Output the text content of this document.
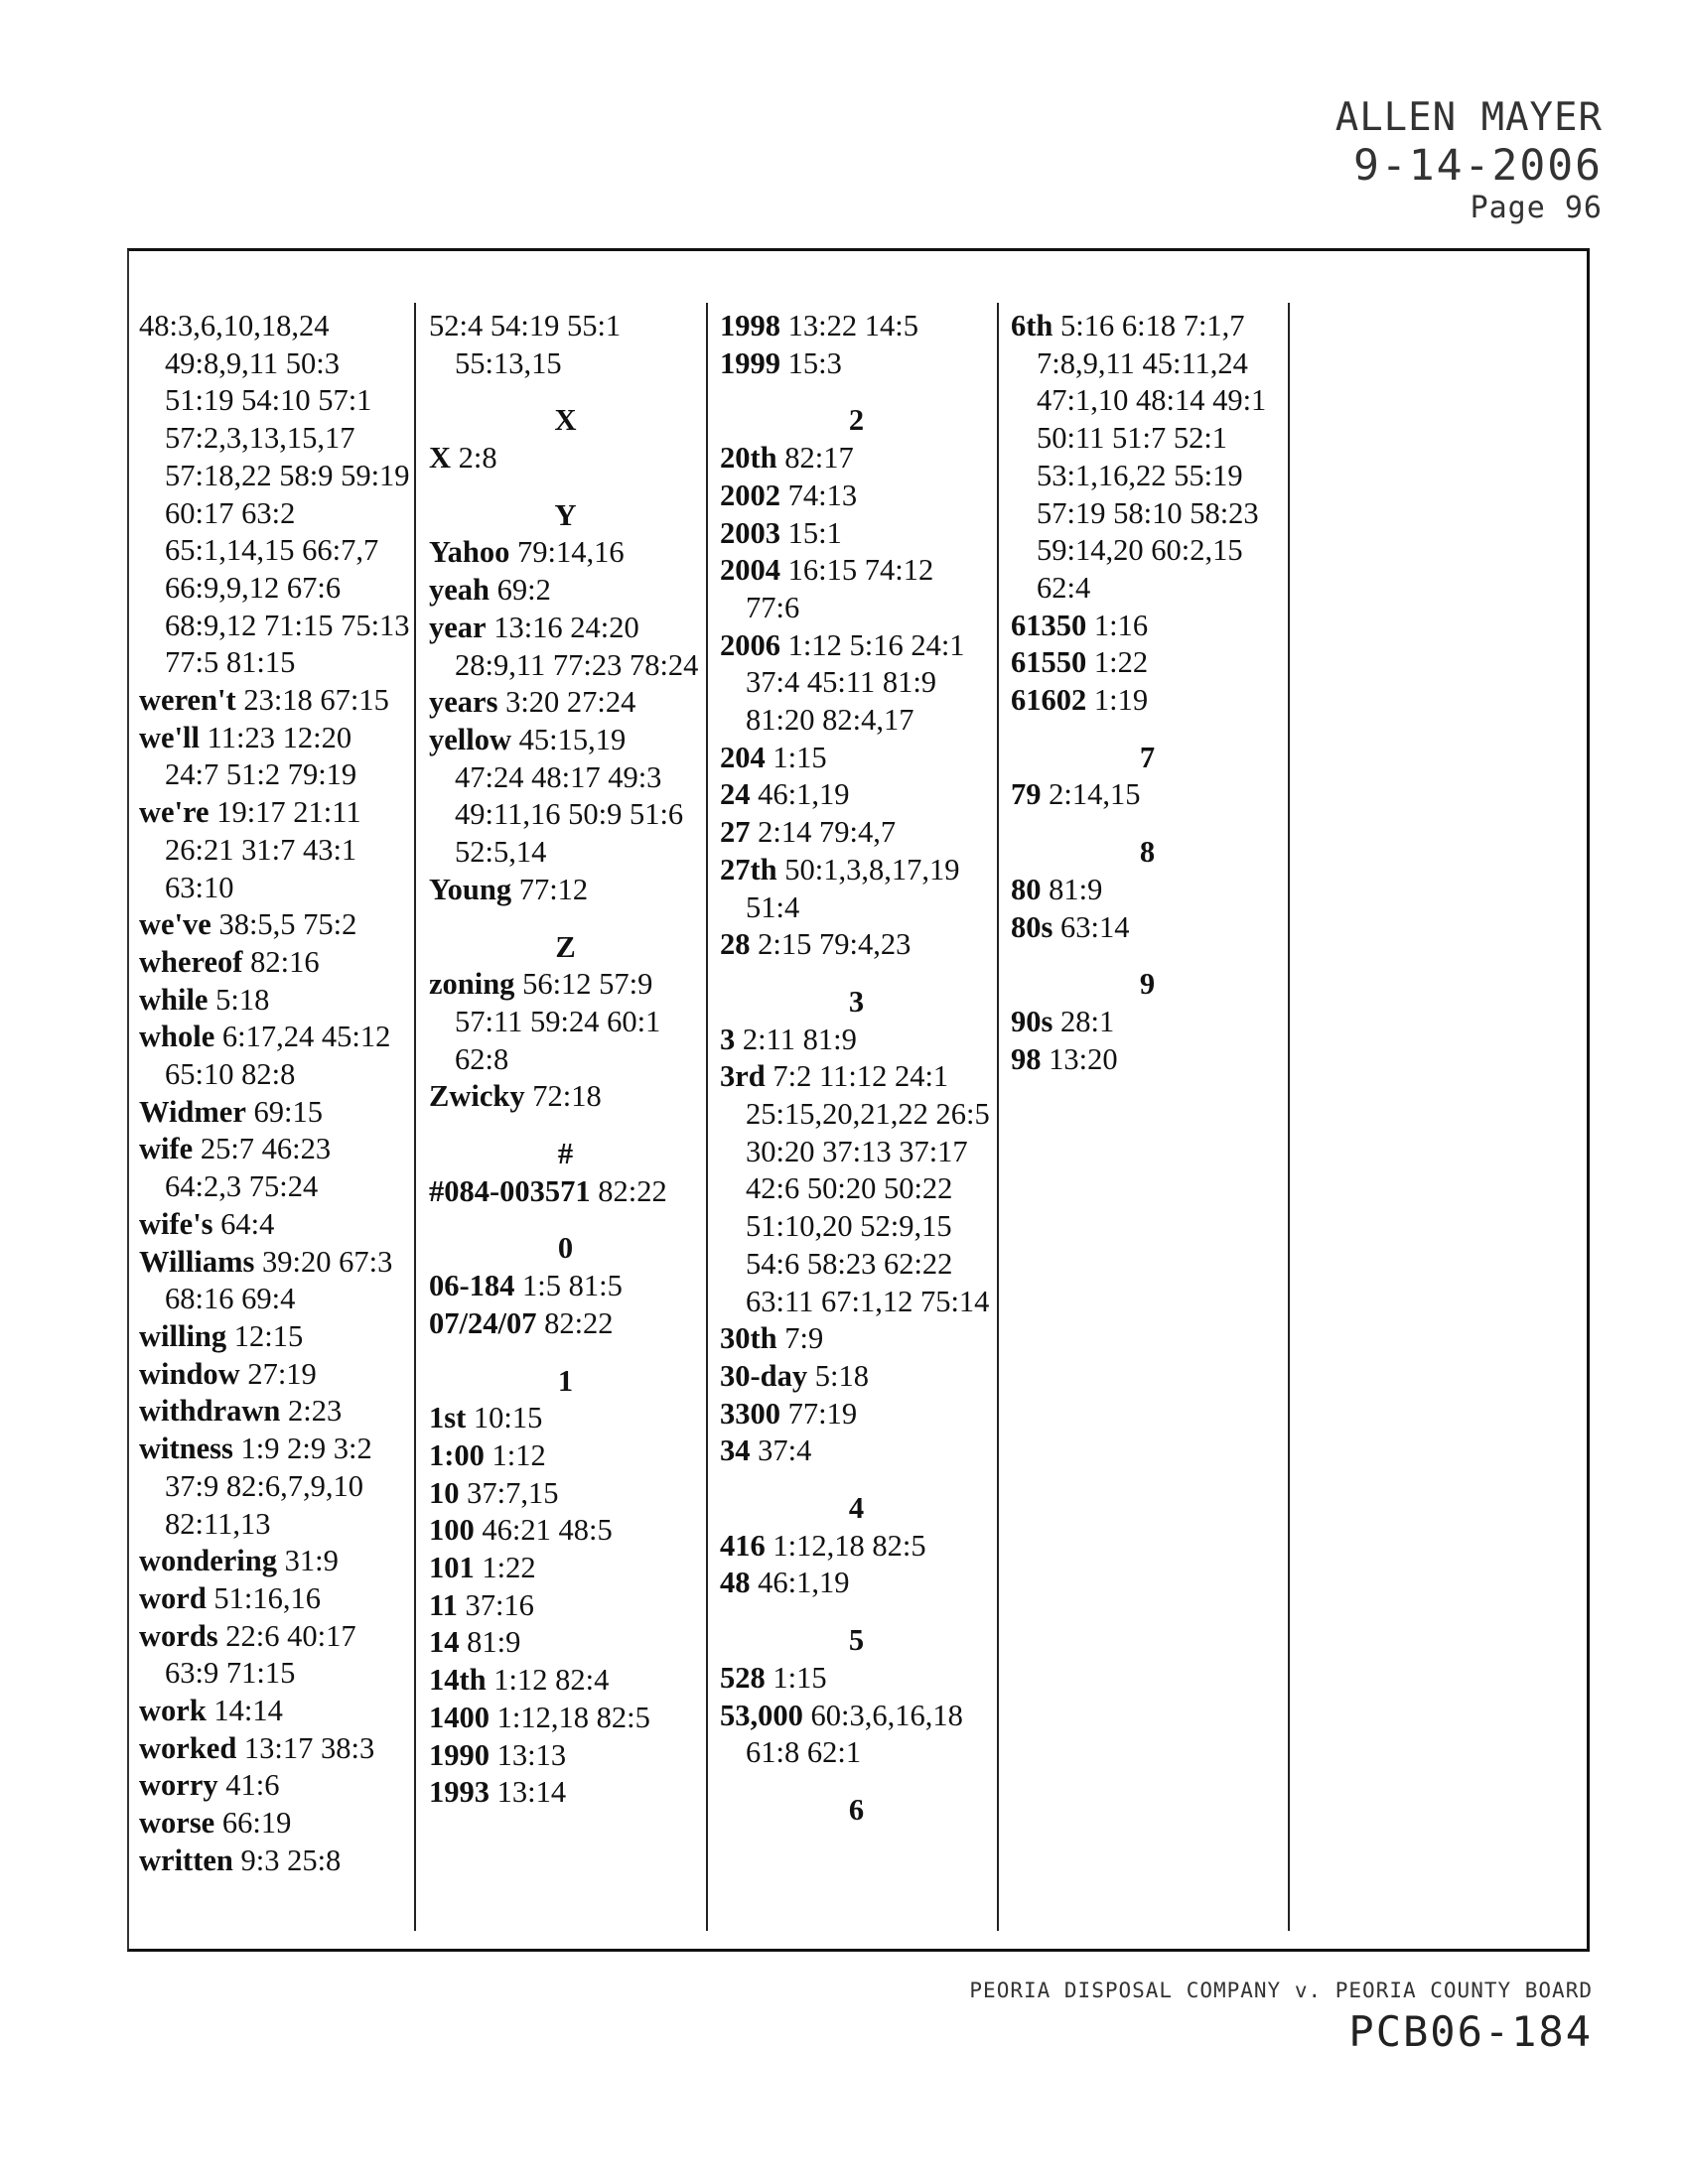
ALLEN MAYER
9-14-2006
Page 96
48:3,6,10,18,24 49:8,9,11 50:3 51:19 54:10 57:1 57:2,3,13,15,17 57:18,22 58:9 59:19 60:17 63:2 65:1,14,15 66:7,7 66:9,9,12 67:6 68:9,12 71:15 75:13 77:5 81:15
weren't 23:18 67:15
we'll 11:23 12:20 24:7 51:2 79:19
we're 19:17 21:11 26:21 31:7 43:1 63:10
we've 38:5,5 75:2
whereof 82:16
while 5:18
whole 6:17,24 45:12 65:10 82:8
Widmer 69:15
wife 25:7 46:23 64:2,3 75:24
wife's 64:4
Williams 39:20 67:3 68:16 69:4
willing 12:15
window 27:19
withdrawn 2:23
witness 1:9 2:9 3:2 37:9 82:6,7,9,10 82:11,13
wondering 31:9
word 51:16,16
words 22:6 40:17 63:9 71:15
work 14:14
worked 13:17 38:3
worry 41:6
worse 66:19
written 9:3 25:8
52:4 54:19 55:1 55:13,15
X
X 2:8
Y
Yahoo 79:14,16
yeah 69:2
year 13:16 24:20 28:9,11 77:23 78:24
years 3:20 27:24
yellow 45:15,19 47:24 48:17 49:3 49:11,16 50:9 51:6 52:5,14
Young 77:12
Z
zoning 56:12 57:9 57:11 59:24 60:1 62:8
Zwicky 72:18
#
#084-003571 82:22
0
06-184 1:5 81:5
07/24/07 82:22
1
1st 10:15
1:00 1:12
10 37:7,15
100 46:21 48:5
101 1:22
11 37:16
14 81:9
14th 1:12 82:4
1400 1:12,18 82:5
1990 13:13
1993 13:14
1998 13:22 14:5
1999 15:3
2
20th 82:17
2002 74:13
2003 15:1
2004 16:15 74:12 77:6
2006 1:12 5:16 24:1 37:4 45:11 81:9 81:20 82:4,17
204 1:15
24 46:1,19
27 2:14 79:4,7
27th 50:1,3,8,17,19 51:4
28 2:15 79:4,23
3
3 2:11 81:9
3rd 7:2 11:12 24:1 25:15,20,21,22 26:5 30:20 37:13 37:17 42:6 50:20 50:22 51:10,20 52:9,15 54:6 58:23 62:22 63:11 67:1,12 75:14
30th 7:9
30-day 5:18
3300 77:19
34 37:4
4
416 1:12,18 82:5
48 46:1,19
5
528 1:15
53,000 60:3,6,16,18 61:8 62:1
6
6th 5:16 6:18 7:1,7 7:8,9,11 45:11,24 47:1,10 48:14 49:1 50:11 51:7 52:1 53:1,16,22 55:19 57:19 58:10 58:23 59:14,20 60:2,15 62:4
61350 1:16
61550 1:22
61602 1:19
7
79 2:14,15
8
80 81:9
80s 63:14
9
90s 28:1
98 13:20
PEORIA DISPOSAL COMPANY v. PEORIA COUNTY BOARD
PCB06-184
